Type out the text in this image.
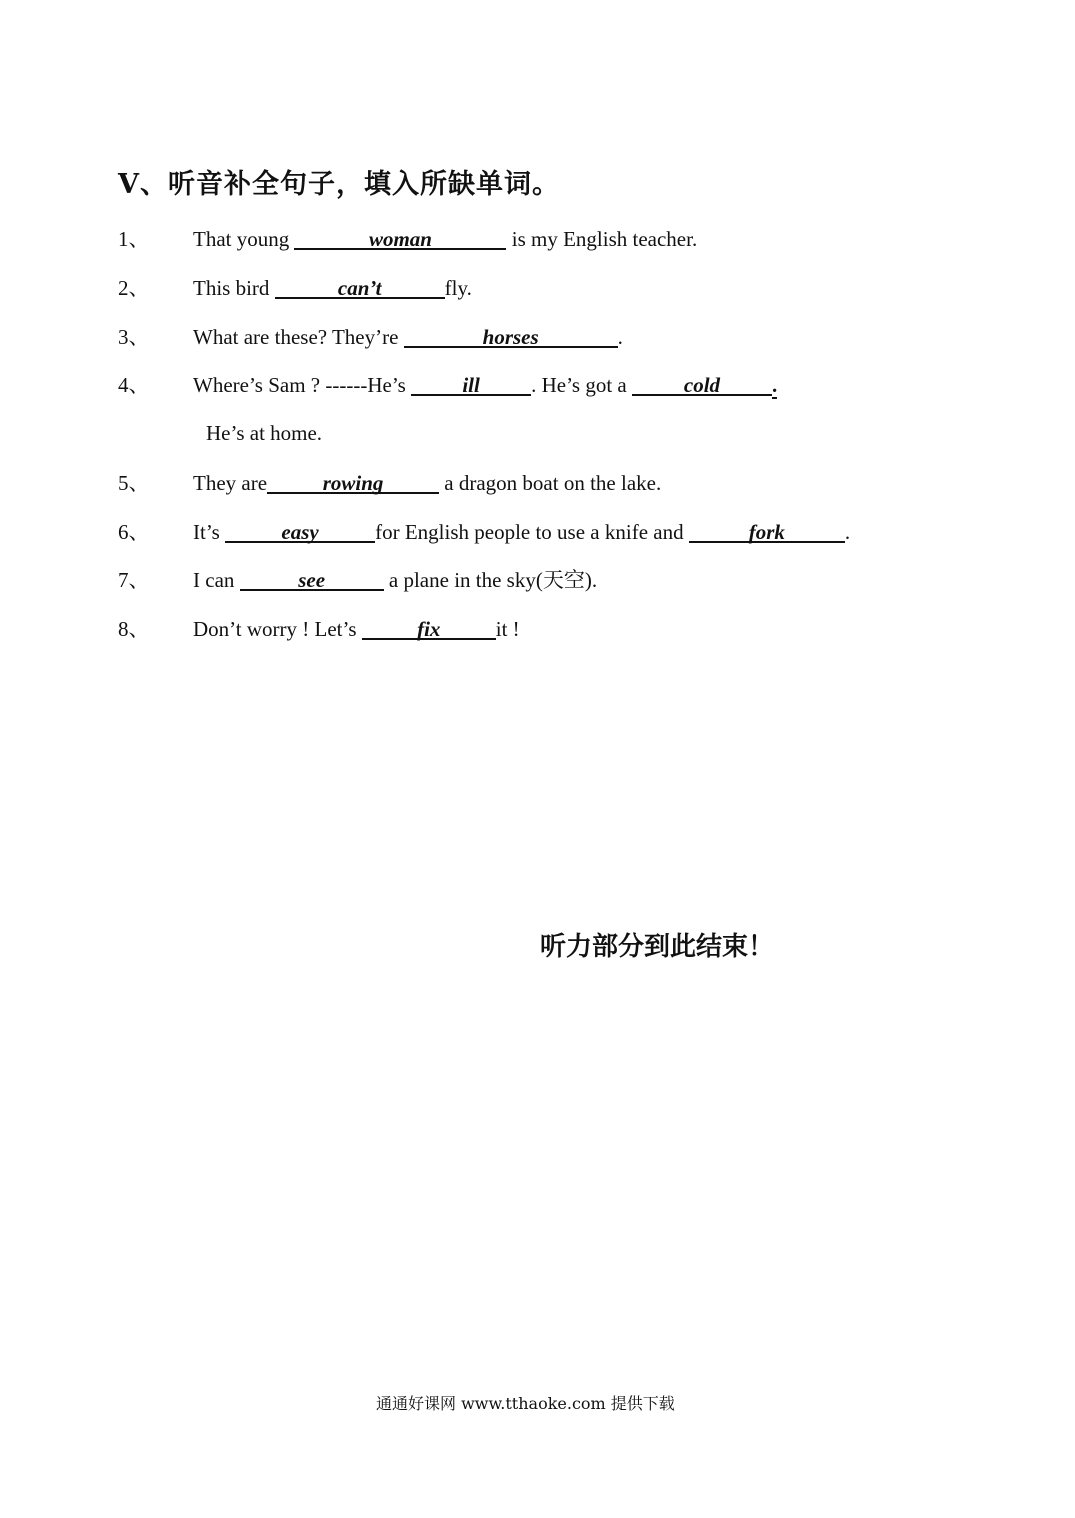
V、听音补全句子，填入所缺单词。
1、 That young	woman	is my English teacher.
2、 This bird	can’t	fly.
3、 What are these? They’re	horses	.
4、 Where’s Sam ? ------He’s ill . He’s got a cold .
He’s at home.
5、 They are	rowing	a dragon boat on the lake.
6、 It’s	easy	for English people to use a knife and	fork	.
7、 I can	see	a plane in the sky(天空).
8、 Don’t worry ! Let’s	fix	it !
听力部分到此结束！
通通好课网 www.tthaoke.com 提供下载
